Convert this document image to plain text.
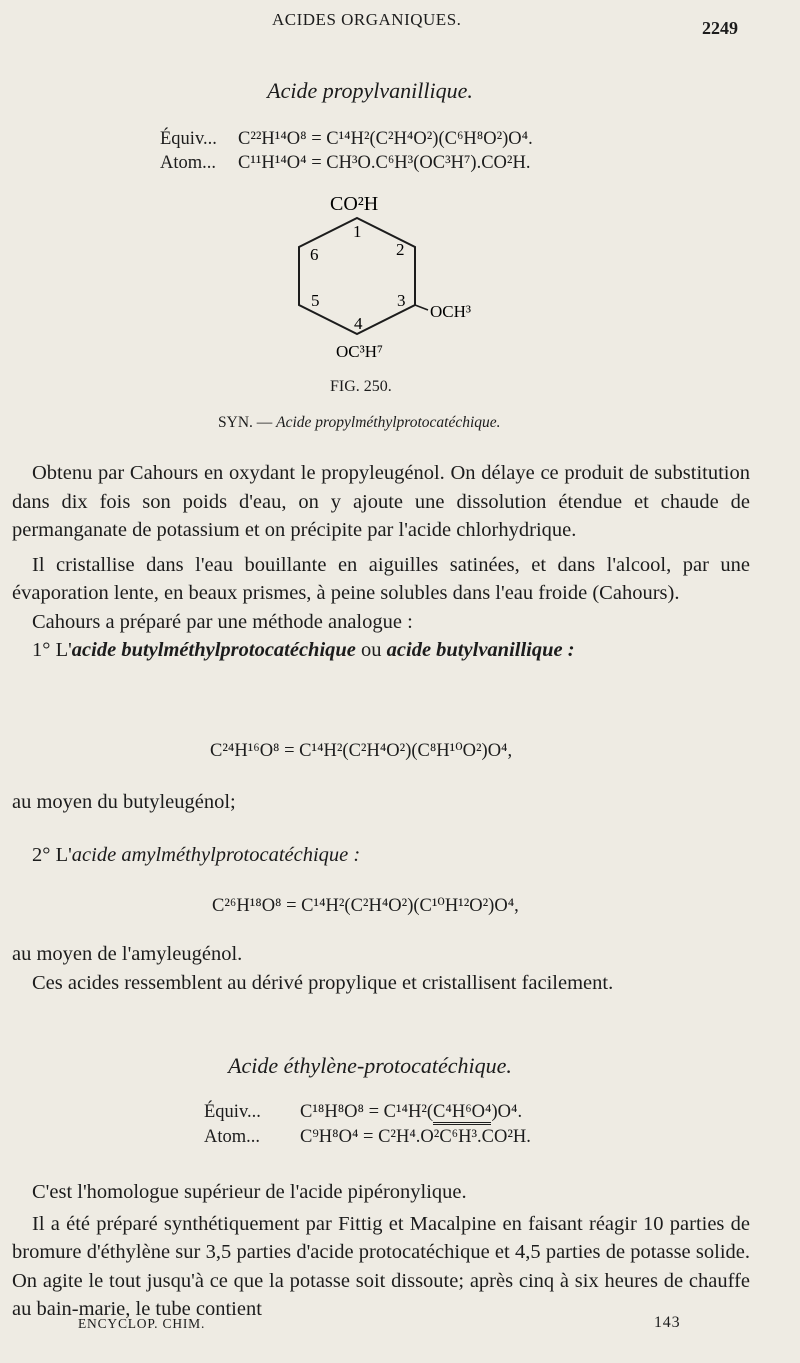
ACIDES ORGANIQUES.	2249
Acide propylvanillique.
Équiv... C²²H¹⁴O⁸ = C¹⁴H²(C²H⁴O²)(C⁶H⁸O²)O⁴.
Atom... C¹¹H¹⁴O⁴ = CH³O.C⁶H³(OC³H⁷).CO²H.
CO²H
OCH³
OC³H⁷
1
2
3
4
5
6
FIG. 250.
SYN. — Acide propylméthylprotocatéchique.

Obtenu par Cahours en oxydant le propyleugénol. On délaye ce produit de substitution dans dix fois son poids d'eau, on y ajoute une dissolution étendue et chaude de permanganate de potassium et on précipite par l'acide chlorhydrique.

Il cristallise dans l'eau bouillante en aiguilles satinées, et dans l'alcool, par une évaporation lente, en beaux prismes, à peine solubles dans l'eau froide (Cahours).

Cahours a préparé par une méthode analogue :

1° L'acide butylméthylprotocatéchique ou acide butylvanillique :

C²⁴H¹⁶O⁸ = C¹⁴H²(C²H⁴O²)(C⁸H¹⁰O²)O⁴,

au moyen du butyleugénol;

2° L'acide amylméthylprotocatéchique :

C²⁶H¹⁸O⁸ = C¹⁴H²(C²H⁴O²)(C¹⁰H¹²O²)O⁴,

au moyen de l'amyleugénol.

Ces acides ressemblent au dérivé propylique et cristallisent facilement.

Acide éthylène-protocatéchique.
Équiv... C¹⁸H⁸O⁸ = C¹⁴H²(C⁴H⁶O⁴)O⁴.
Atom... C⁹H⁸O⁴ = C²H⁴.O²C⁶H³.CO²H.

C'est l'homologue supérieur de l'acide pipéronylique.

Il a été préparé synthétiquement par Fittig et Macalpine en faisant réagir 10 parties de bromure d'éthylène sur 3,5 parties d'acide protocatéchique et 4,5 parties de potasse solide. On agite le tout jusqu'à ce que la potasse soit dissoute; après cinq à six heures de chauffe au bain-marie, le tube contient

ENCYCLOP. CHIM.	143
